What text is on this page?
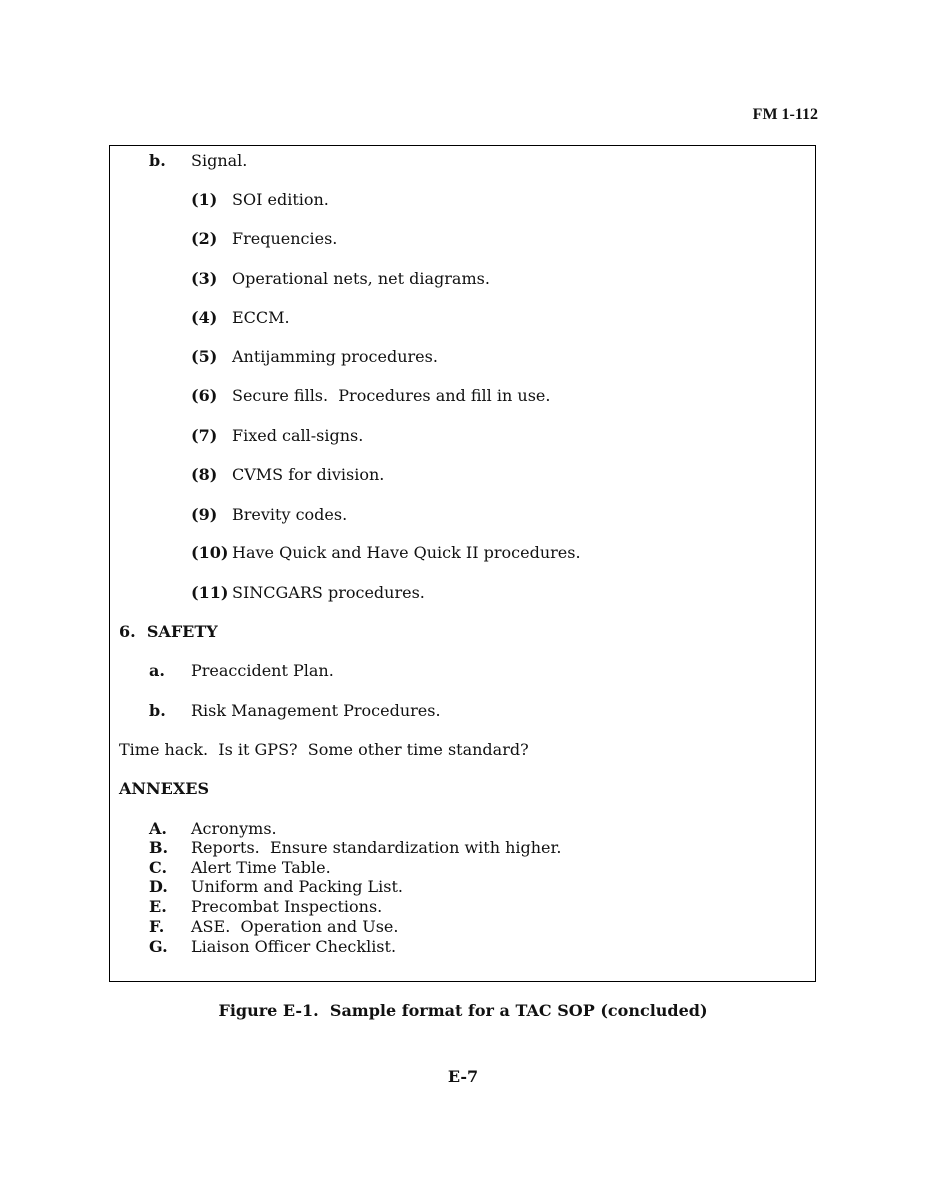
FM 1-112
b. Signal.
(1) SOI edition.
(2) Frequencies.
(3) Operational nets, net diagrams.
(4) ECCM.
(5) Antijamming procedures.
(6) Secure fills.  Procedures and fill in use.
(7) Fixed call-signs.
(8) CVMS for division.
(9) Brevity codes.
(10) Have Quick and Have Quick II procedures.
(11) SINCGARS procedures.
6.  SAFETY
a. Preaccident Plan.
b. Risk Management Procedures.
Time hack.  Is it GPS?  Some other time standard?
ANNEXES
A. Acronyms.
B. Reports.  Ensure standardization with higher.
C. Alert Time Table.
D. Uniform and Packing List.
E. Precombat Inspections.
F. ASE.  Operation and Use.
G. Liaison Officer Checklist.
Figure E-1.  Sample format for a TAC SOP (concluded)
E-7
